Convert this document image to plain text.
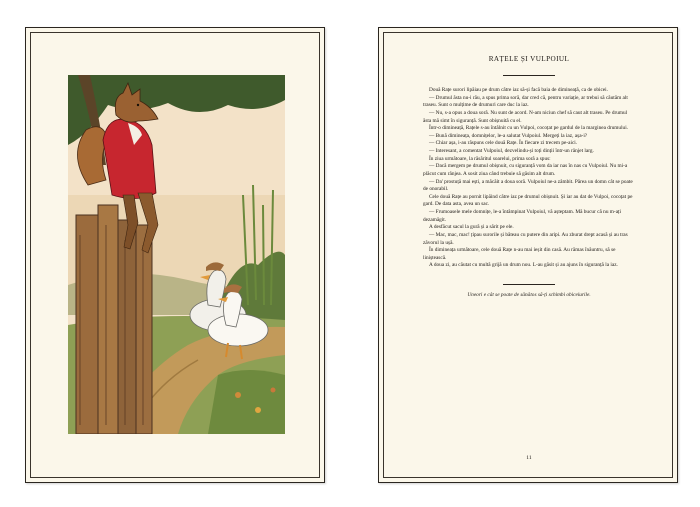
RAȚELE ȘI VULPOIUL

Două Rațe surori lipăiau pe drum către iaz să-și facă baia de dimineață, ca de obicei.

— Drumul ăsta nu-i rău, a spus prima soră, dar cred că, pentru variație, ar trebui să căutăm alt traseu. Sunt o mulțime de drumuri care duc la iaz.

— Nu, s-a opus a doua soră. Nu sunt de acord. N-am niciun chef să caut alt traseu. Pe drumul ăsta mă simt în siguranță. Sunt obișnuită cu el.

Într-o dimineață, Rațele s-au întâlnit cu un Vulpoi, cocoțat pe gardul de la marginea drumului.

— Bună dimineața, domnițelor, le-a salutat Vulpoiul. Mergeți la iaz, așa-i?

— Chiar așa, i-au răspuns cele două Rațe. În fiecare zi trecem pe-aici.

— Interesant, a comentat Vulpoiul, dezvelindu-și toți dinții într-un rânjet larg.

În ziua următoare, la răsăritul soarelui, prima soră a spus:

— Dacă mergem pe drumul obișnuit, cu siguranță vom da iar nas în nas cu Vulpoiul. Nu mi-a plăcut cum rânjea. A sosit ziua când trebuie să găsim alt drum.

— Da' prostuță mai ești, a măcăit a doua soră. Vulpoiul ne-a zâmbit. Părea un domn cât se poate de onorabil.

Cele două Rațe au pornit lipăind către iaz pe drumul obișnuit. Și iar au dat de Vulpoi, cocoțat pe gard. De data asta, avea un sac.

— Frumoasele mele domnițe, le-a întâmpinat Vulpoiul, vă așteptam. Mă bucur că nu m-ați dezamăgit.

A desfăcut sacul la gură și a sărit pe ele.

— Mac, mac, mac! țipau surorile și băteau cu putere din aripi. Au zburat drept acasă și au tras zăvorul la ușă.

În dimineața următoare, cele două Rațe n-au mai ieșit din casă. Au rămas înăuntru, să se liniștească.

A doua zi, au căutat cu multă grijă un drum nou. L-au găsit și au ajuns în siguranță la iaz.

Uneori e cât se poate de sănătos să-ți schimbi obiceiurile.
11
